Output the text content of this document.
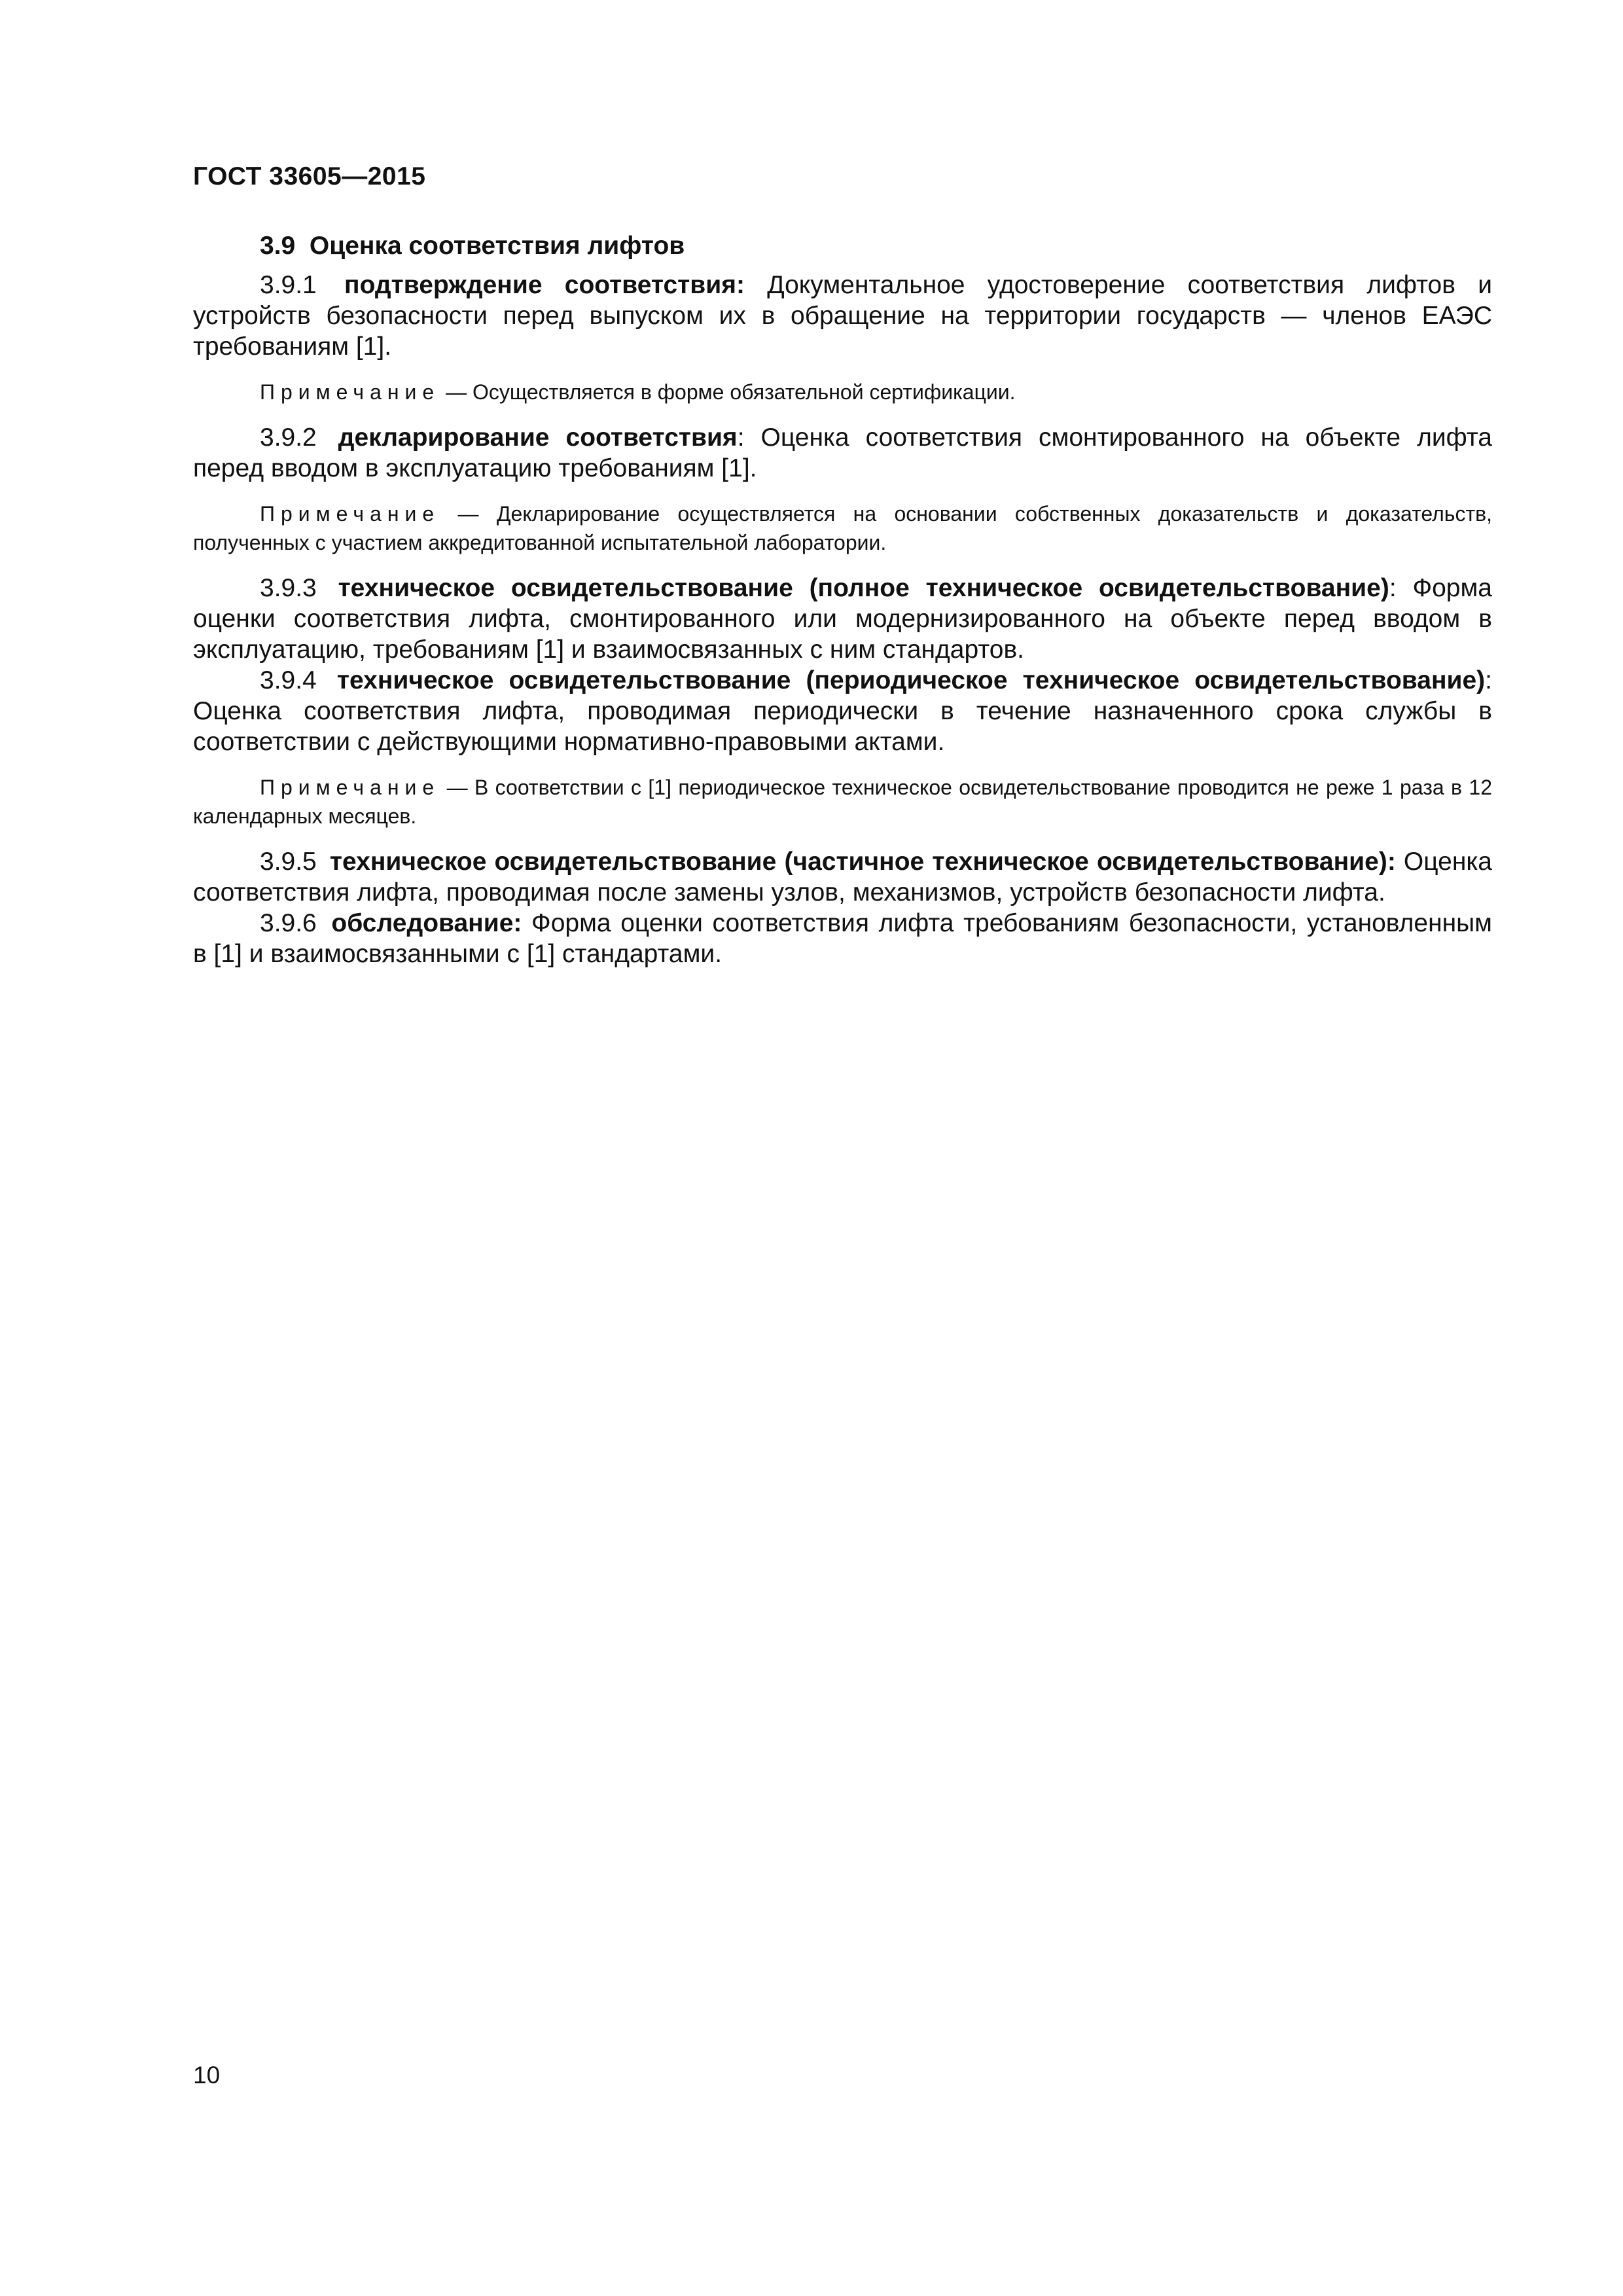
ГОСТ 33605—2015

3.9 Оценка соответствия лифтов

3.9.1 подтверждение соответствия: Документальное удостоверение соответствия лифтов и устройств безопасности перед выпуском их в обращение на территории государств — членов ЕАЭС требованиям [1].

Примечание — Осуществляется в форме обязательной сертификации.

3.9.2 декларирование соответствия: Оценка соответствия смонтированного на объекте лифта перед вводом в эксплуатацию требованиям [1].

Примечание — Декларирование осуществляется на основании собственных доказательств и доказательств, полученных с участием аккредитованной испытательной лаборатории.

3.9.3 техническое освидетельствование (полное техническое освидетельствование): Форма оценки соответствия лифта, смонтированного или модернизированного на объекте перед вводом в эксплуатацию, требованиям [1] и взаимосвязанных с ним стандартов.

3.9.4 техническое освидетельствование (периодическое техническое освидетельствование): Оценка соответствия лифта, проводимая периодически в течение назначенного срока службы в соответствии с действующими нормативно-правовыми актами.

Примечание — В соответствии с [1] периодическое техническое освидетельствование проводится не реже 1 раза в 12 календарных месяцев.

3.9.5 техническое освидетельствование (частичное техническое освидетельствование): Оценка соответствия лифта, проводимая после замены узлов, механизмов, устройств безопасности лифта.

3.9.6 обследование: Форма оценки соответствия лифта требованиям безопасности, установленным в [1] и взаимосвязанными с [1] стандартами.

10
